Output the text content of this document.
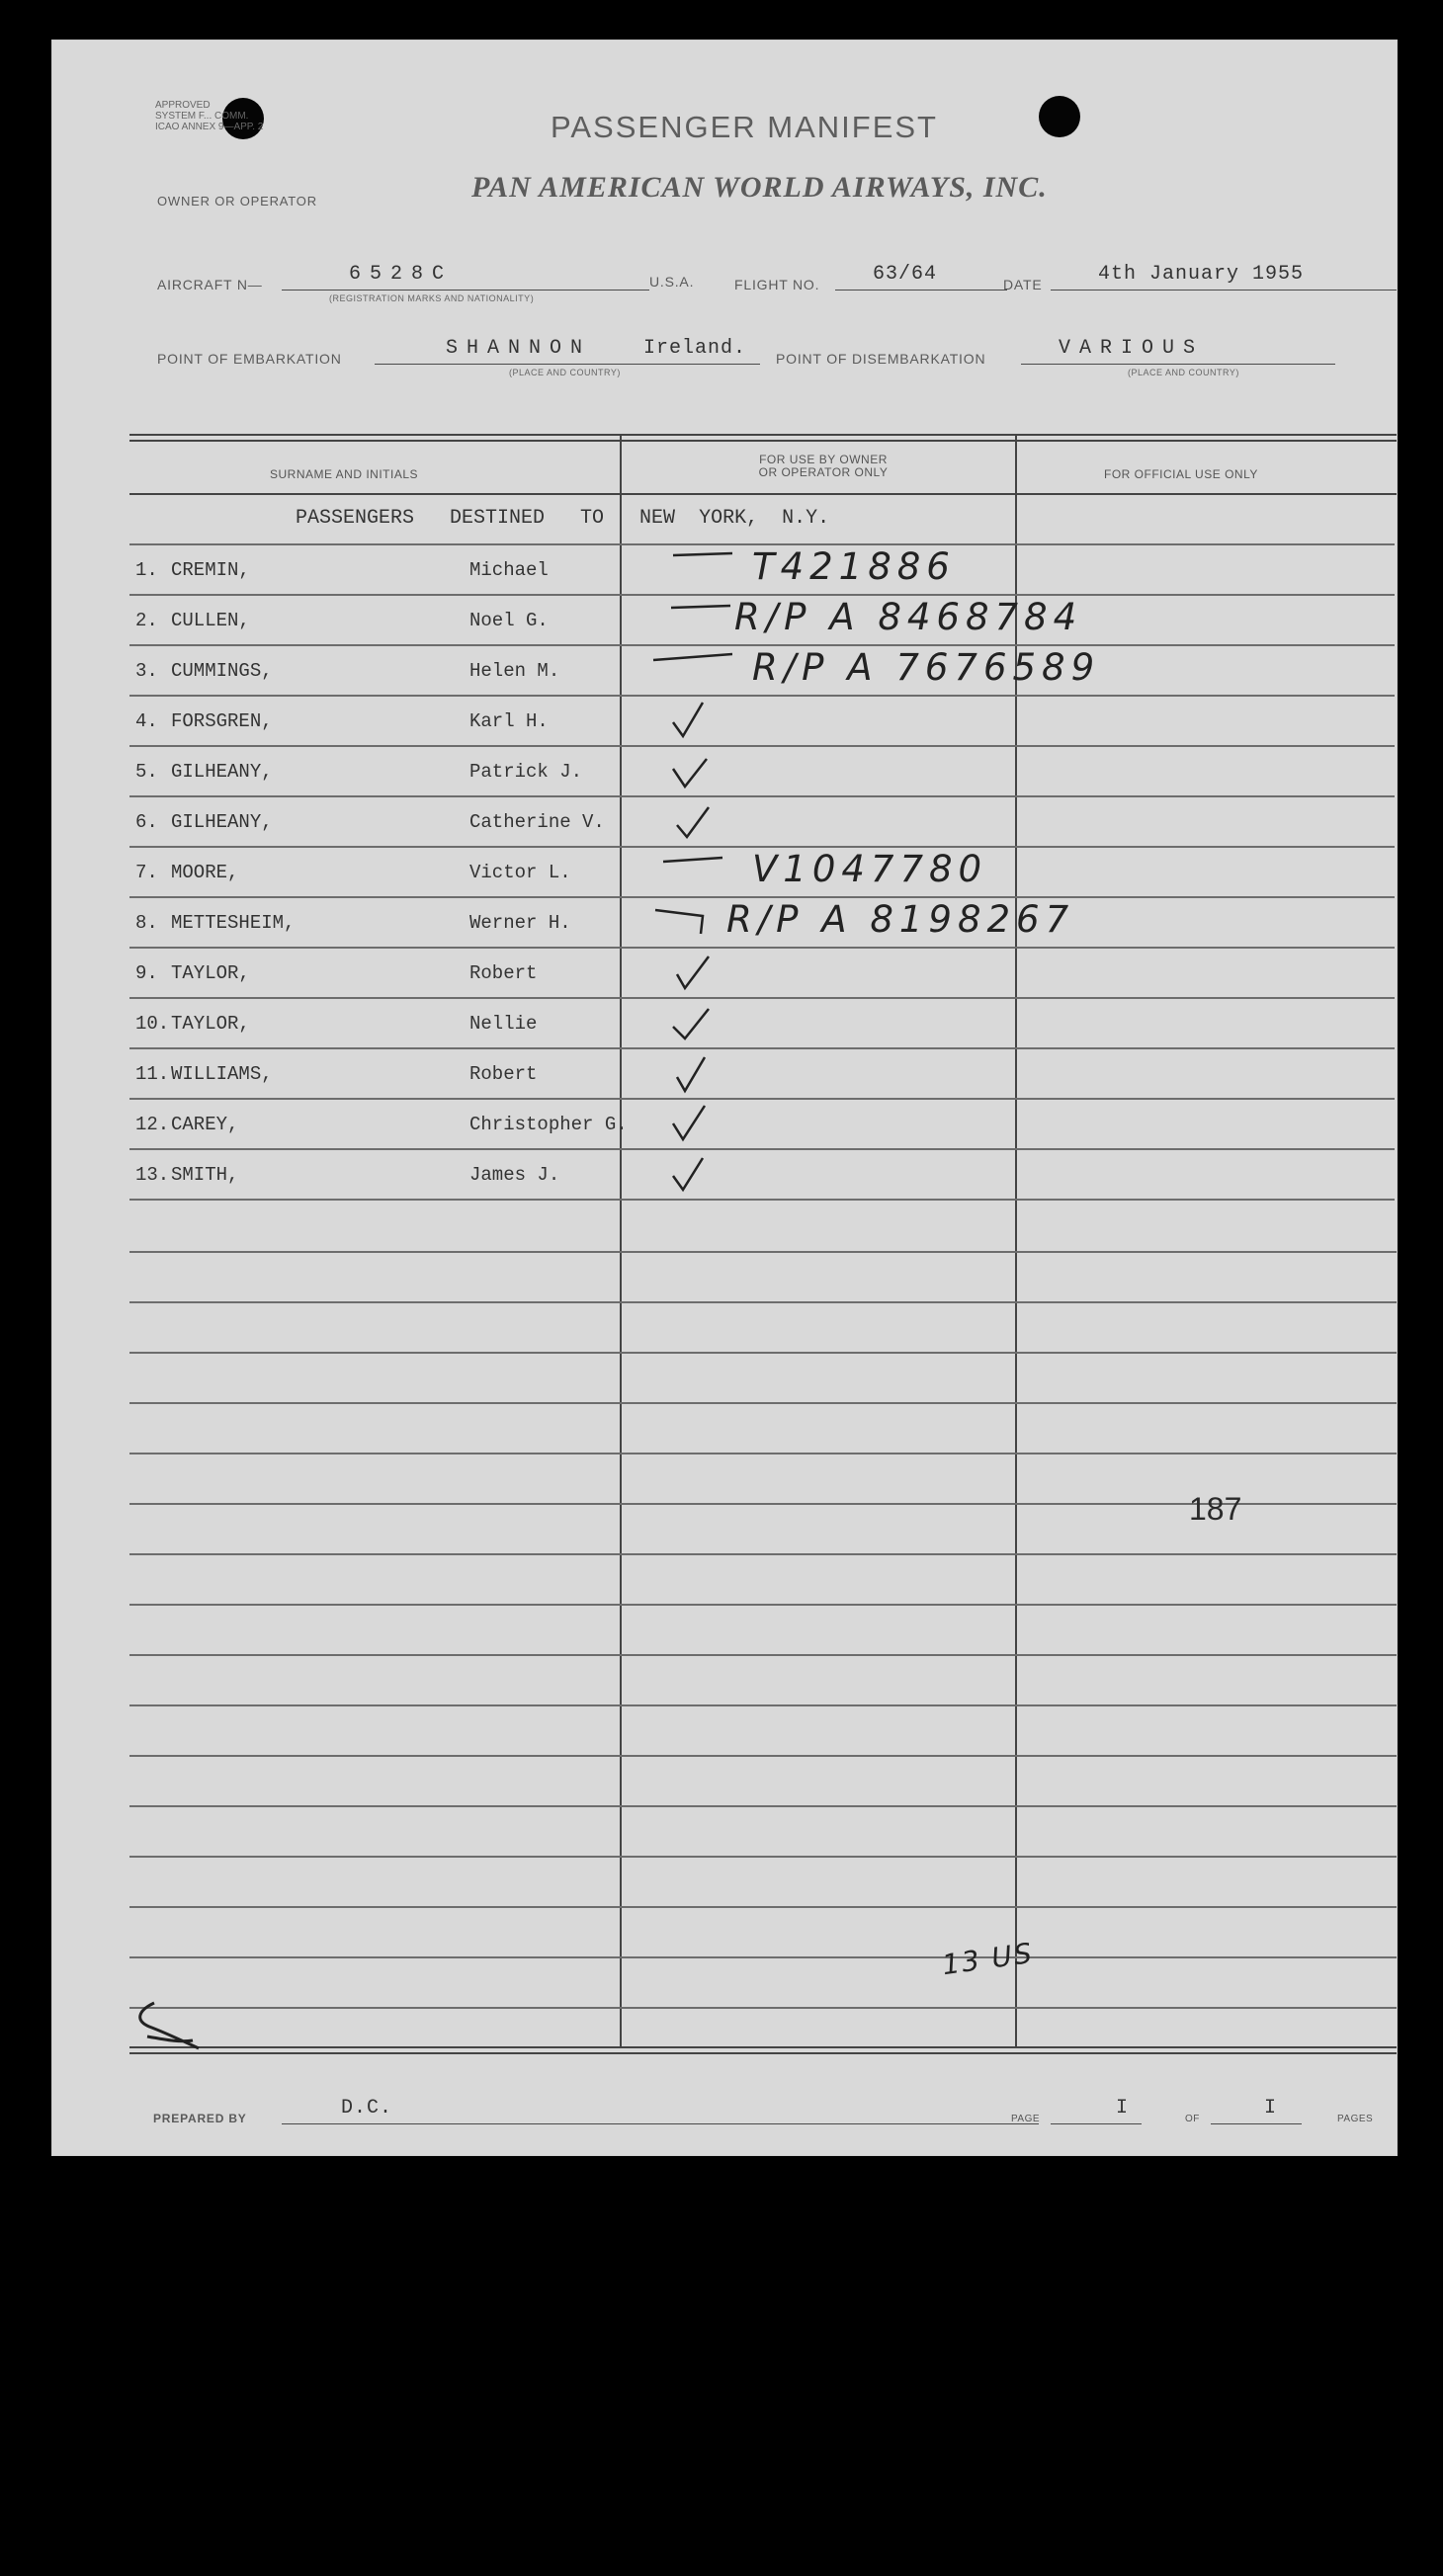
APPROVED
SYSTEM F... COMM.
ICAO ANNEX 9—APP. 2	PASSENGER MANIFEST
OWNER OR OPERATOR	PAN AMERICAN WORLD AIRWAYS, INC.
AIRCRAFT N—	6528C
(REGISTRATION MARKS AND NATIONALITY)
U.S.A.	FLIGHT NO.	63/64	DATE	4th January 1955
POINT OF EMBARKATION	SHANNON	Ireland.
(PLACE AND COUNTRY)
POINT OF DISEMBARKATION	VARIOUS
(PLACE AND COUNTRY)
SURNAME AND INITIALS
FOR USE BY OWNER
OR OPERATOR ONLY	FOR OFFICIAL USE ONLY
PASSENGERS   DESTINED   TO   NEW  YORK,  N.Y.
1. CREMIN,	Michael	T421886
2. CULLEN,	Noel G.	R/P A 8468784
3. CUMMINGS,	Helen M.	R/P A 7676589
4. FORSGREN,	Karl H.
5. GILHEANY,	Patrick J.
6. GILHEANY,	Catherine V.
7. MOORE,	Victor L.	V1047780
8. METTESHEIM,	Werner H.	R/P A 8198267
9. TAYLOR,	Robert
10. TAYLOR,	Nellie
11. WILLIAMS,	Robert
12. CAREY,	Christopher G.
13. SMITH,	James J.
187
13 US
PREPARED BY	D.C.	PAGE	I	OF	I	PAGES
